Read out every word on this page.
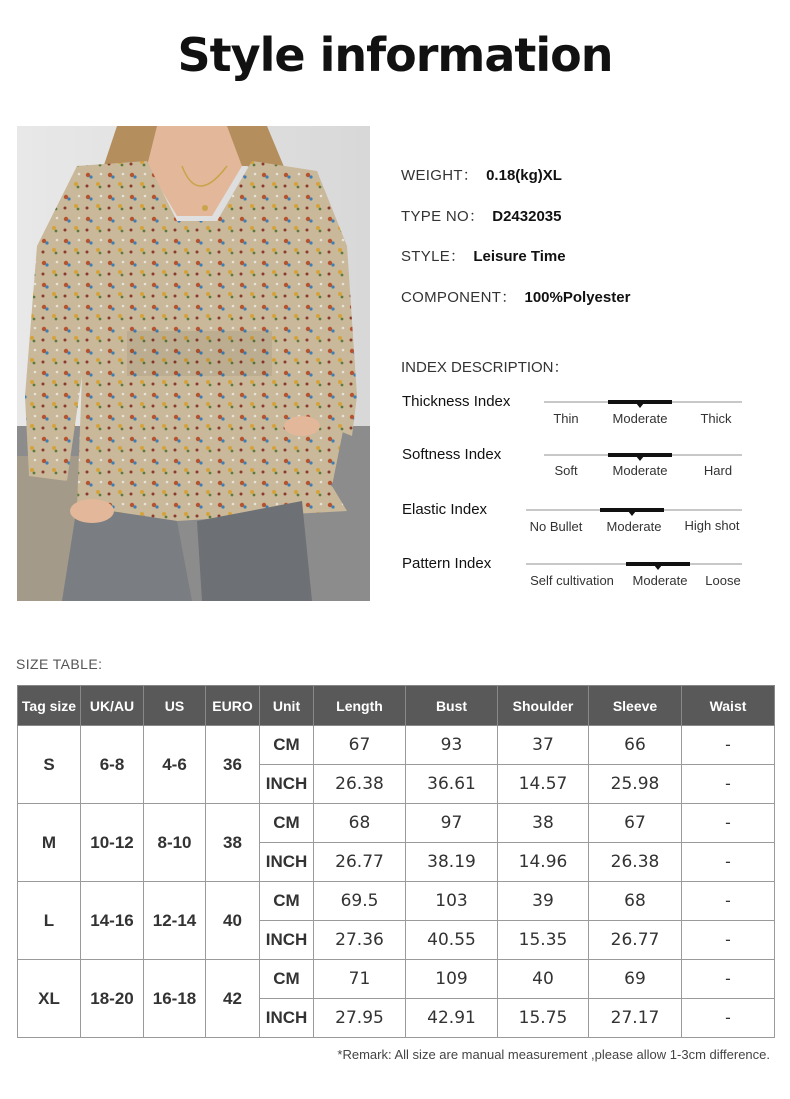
Style information
WEIGHT： 0.18(kg)XL
TYPE NO： D2432035
STYLE： Leisure Time
COMPONENT： 100%Polyester
INDEX DESCRIPTION：
Thickness Index
Thin	Moderate	Thick
Softness Index
Soft	Moderate	Hard
Elastic Index
No Bullet	Moderate	High shot
Pattern Index
Self cultivation	Moderate	Loose
SIZE TABLE:
Tag size	UK/AU	US	EURO	Unit	Length	Bust	Shoulder	Sleeve	Waist
S	6-8	4-6	36	CM	67	93	37	66	-
				INCH	26.38	36.61	14.57	25.98	-
M	10-12	8-10	38	CM	68	97	38	67	-
				INCH	26.77	38.19	14.96	26.38	-
L	14-16	12-14	40	CM	69.5	103	39	68	-
				INCH	27.36	40.55	15.35	26.77	-
XL	18-20	16-18	42	CM	71	109	40	69	-
				INCH	27.95	42.91	15.75	27.17	-
*Remark: All size are manual measurement ,please allow 1-3cm difference.
